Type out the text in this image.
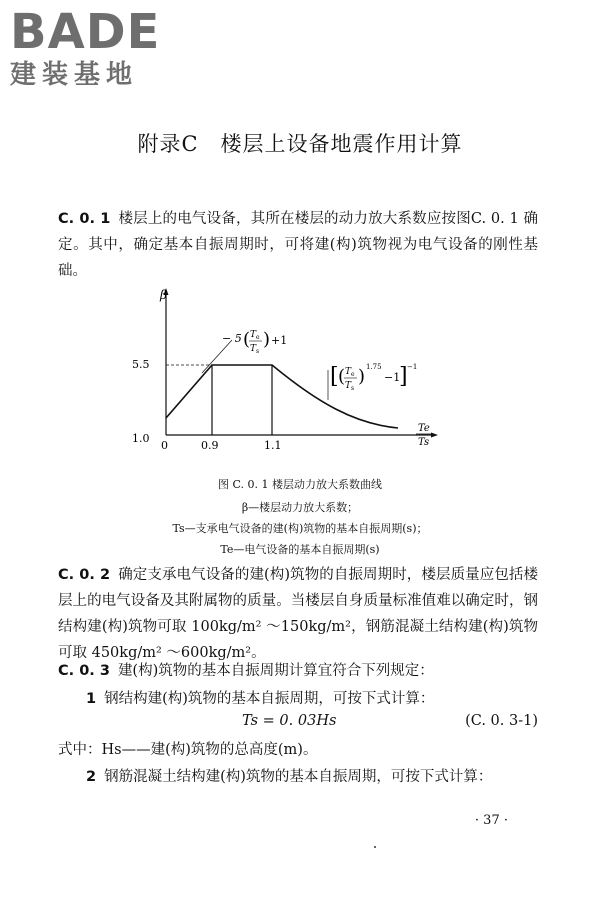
BADE
建装基地
附录C　楼层上设备地震作用计算
C. 0. 1 楼层上的电气设备，其所在楼层的动力放大系数应按图C. 0. 1 确定。其中，确定基本自振周期时，可将建(构)筑物视为电气设备的刚性基础。
β
5.5
1.0
0	0.9	1.1
Te
Ts
− 5 ( T e
T s
) +1
[ ( T e
T s
) 1.75
−1
] −1
图 C. 0. 1 楼层动力放大系数曲线
β—楼层动力放大系数；
Ts—支承电气设备的建(构)筑物的基本自振周期(s)；
Te—电气设备的基本自振周期(s)
C. 0. 2 确定支承电气设备的建(构)筑物的自振周期时，楼层质量应包括楼层上的电气设备及其附属物的质量。当楼层自身质量标准值难以确定时，钢结构建(构)筑物可取 100kg/m² ～150kg/m²，钢筋混凝土结构建(构)筑物可取 450kg/m² ～600kg/m²。
C. 0. 3 建(构)筑物的基本自振周期计算宜符合下列规定：
1 钢结构建(构)筑物的基本自振周期，可按下式计算：
Ts = 0. 03Hs	(C. 0. 3-1)
式中：Hs——建(构)筑物的总高度(m)。
2 钢筋混凝土结构建(构)筑物的基本自振周期，可按下式计算：
· 37 ·
